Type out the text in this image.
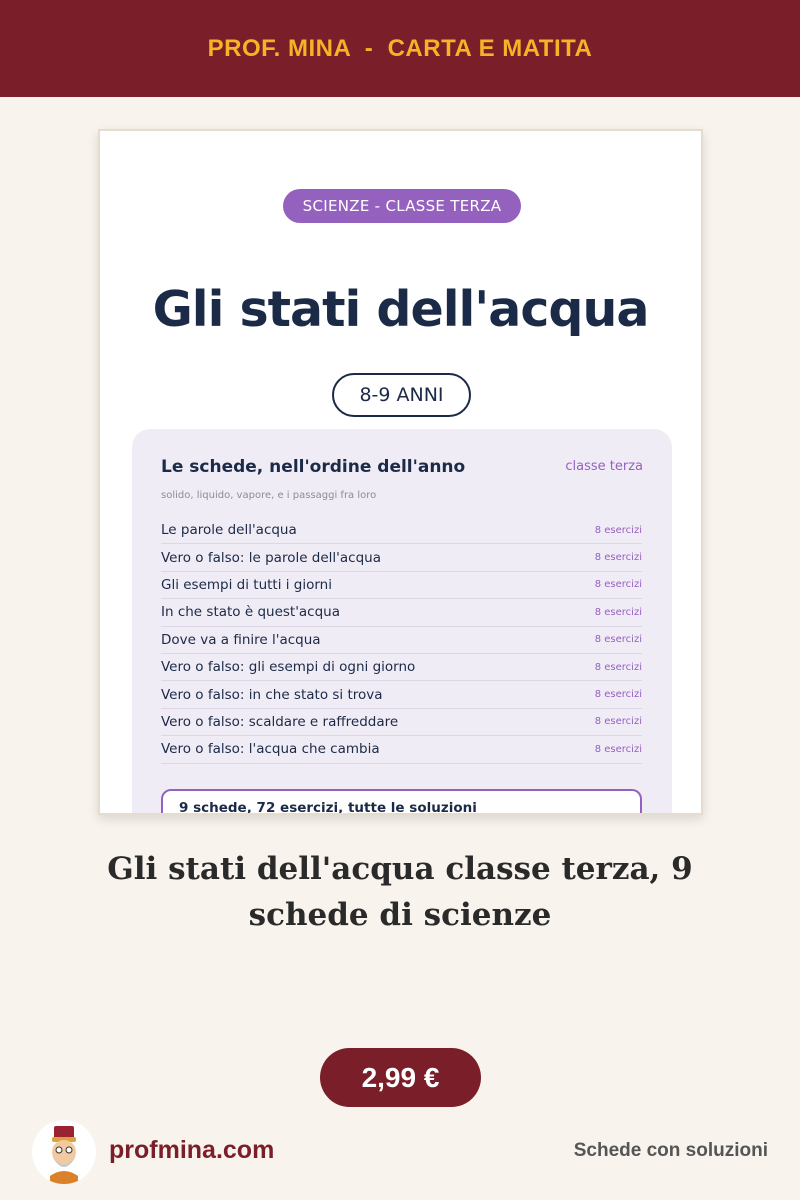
PROF. MINA  -  CARTA E MATITA
SCIENZE - CLASSE TERZA
Gli stati dell'acqua
8-9 ANNI
Le schede, nell'ordine dell'anno	classe terza
solido, liquido, vapore, e i passaggi fra loro
Le parole dell'acqua	8 esercizi
Vero o falso: le parole dell'acqua	8 esercizi
Gli esempi di tutti i giorni	8 esercizi
In che stato è quest'acqua	8 esercizi
Dove va a finire l'acqua	8 esercizi
Vero o falso: gli esempi di ogni giorno	8 esercizi
Vero o falso: in che stato si trova	8 esercizi
Vero o falso: scaldare e raffreddare	8 esercizi
Vero o falso: l'acqua che cambia	8 esercizi
9 schede, 72 esercizi, tutte le soluzioni
Gli stati dell'acqua classe terza, 9 schede di scienze
2,99 €
profmina.com	Schede con soluzioni
